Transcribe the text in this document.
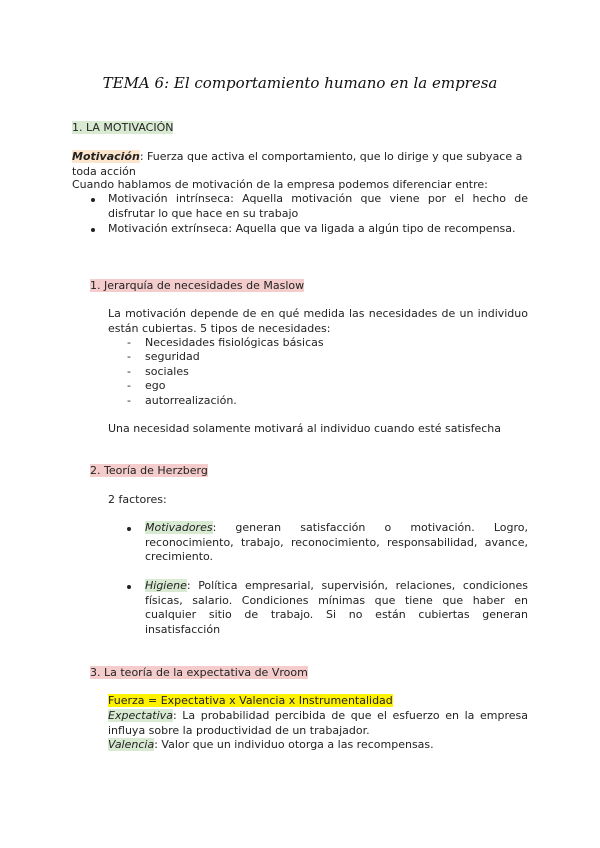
TEMA 6: El comportamiento humano en la empresa
1. LA MOTIVACIÓN
Motivación: Fuerza que activa el comportamiento, que lo dirige y que subyace a toda acción
Cuando hablamos de motivación de la empresa podemos diferenciar entre:
Motivación intrínseca: Aquella motivación que viene por el hecho de disfrutar lo que hace en su trabajo
Motivación extrínseca: Aquella que va ligada a algún tipo de recompensa.
1. Jerarquía de necesidades de Maslow
La motivación depende de en qué medida las necesidades de un individuo están cubiertas. 5 tipos de necesidades:
- Necesidades fisiológicas básicas
- seguridad
- sociales
- ego
- autorrealización.
Una necesidad solamente motivará al individuo cuando esté satisfecha
2. Teoría de Herzberg
2 factores:
Motivadores: generan satisfacción o motivación. Logro, reconocimiento, trabajo, reconocimiento, responsabilidad, avance, crecimiento.
Higiene: Política empresarial, supervisión, relaciones, condiciones físicas, salario. Condiciones mínimas que tiene que haber en cualquier sitio de trabajo. Si no están cubiertas generan insatisfacción
3. La teoría de la expectativa de Vroom
Fuerza = Expectativa x Valencia x Instrumentalidad
Expectativa: La probabilidad percibida de que el esfuerzo en la empresa influya sobre la productividad de un trabajador.
Valencia: Valor que un individuo otorga a las recompensas.
